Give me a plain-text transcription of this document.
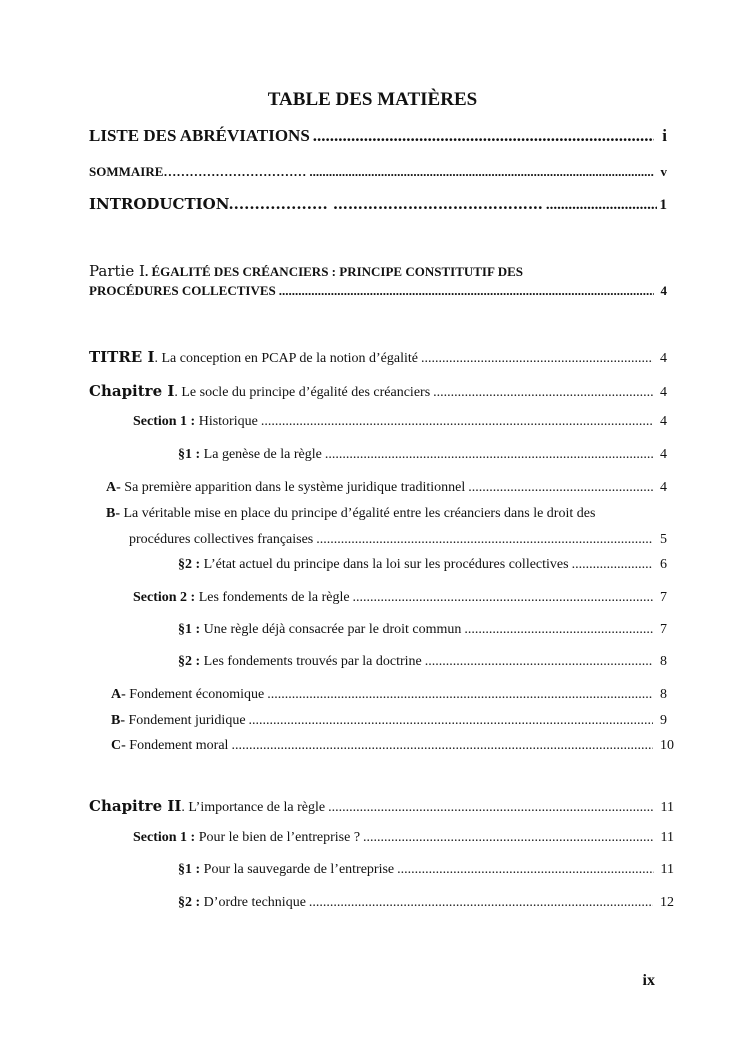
TABLE DES MATIÈRES
LISTE DES ABRÉVIATIONS .....	i
SOMMAIRE…………………………… .....	v
INTRODUCTION................... …………………………………… .....	1
Partie I. ÉGALITÉ DES CRÉANCIERS : PRINCIPE CONSTITUTIF DES
PROCÉDURES COLLECTIVES .....	4
TITRE I. La conception en PCAP de la notion d’égalité .....	4
Chapitre I. Le socle du principe d’égalité des créanciers .....	4
Section 1 : Historique .....	4
§1 : La genèse de la règle .....	4
A- Sa première apparition dans le système juridique traditionnel .....	4
B- La véritable mise en place du principe d’égalité entre les créanciers dans le droit des
procédures collectives françaises .....	5
§2 : L’état actuel du principe dans la loi sur les procédures collectives .....	6
Section 2 : Les fondements de la règle .....	7
§1 : Une règle déjà consacrée par le droit commun .....	7
§2 : Les fondements trouvés par la doctrine .....	8
A- Fondement économique .....	8
B- Fondement juridique .....	9
C- Fondement moral .....	10
Chapitre II. L’importance de la règle .....	11
Section 1 : Pour le bien de l’entreprise ? .....	11
§1 : Pour la sauvegarde de l’entreprise .....	11
§2 : D’ordre technique .....	12
ix
